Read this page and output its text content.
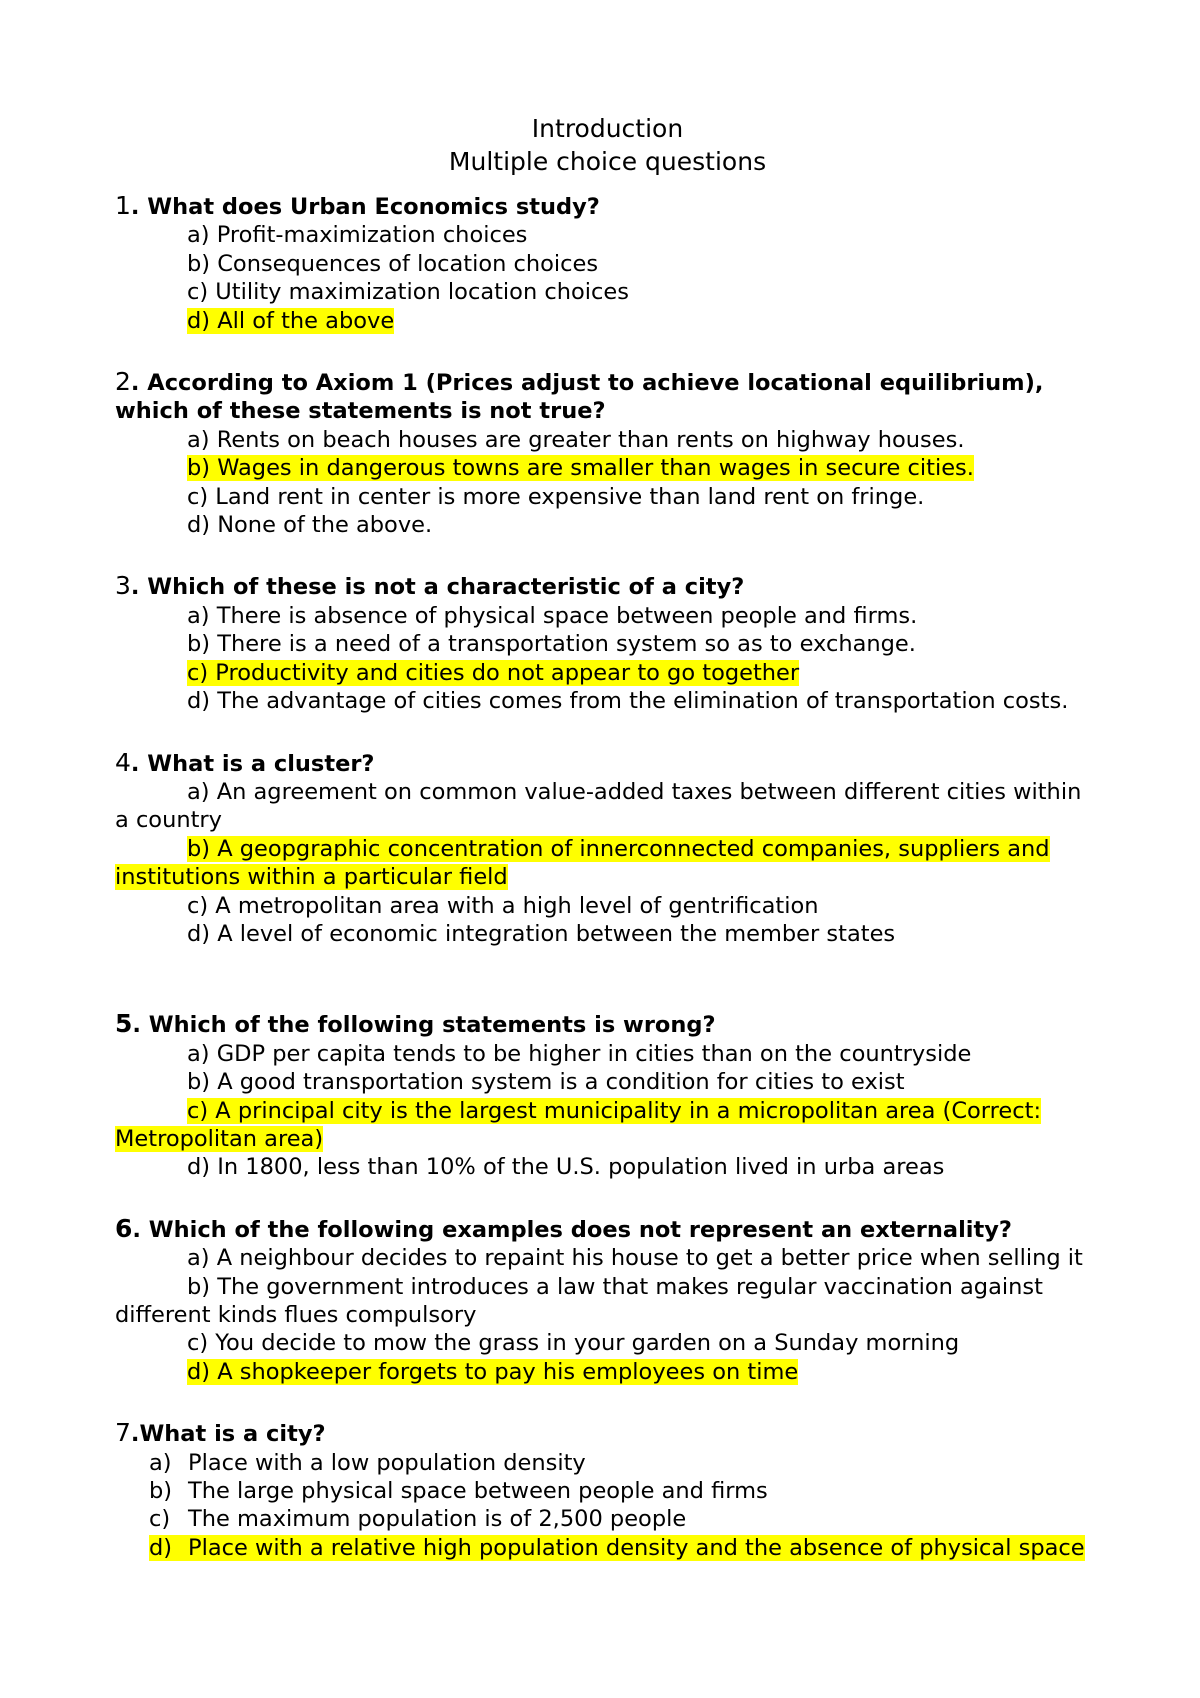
Introduction

Multiple choice questions

1. What does Urban Economics study?

a) Profit-maximization choices

b) Consequences of location choices

c) Utility maximization location choices

d) All of the above

2. According to Axiom 1 (Prices adjust to achieve locational equilibrium), which of these statements is not true?

a) Rents on beach houses are greater than rents on highway houses.

b) Wages in dangerous towns are smaller than wages in secure cities.

c) Land rent in center is more expensive than land rent on fringe.

d) None of the above.

3. Which of these is not a characteristic of a city?

a) There is absence of physical space between people and firms.

b) There is a need of a transportation system so as to exchange.

c) Productivity and cities do not appear to go together

d) The advantage of cities comes from the elimination of transportation costs.

4. What is a cluster?

a) An agreement on common value-added taxes between different cities within a country

b) A geopgraphic concentration of innerconnected companies, suppliers and institutions within a particular field

c) A metropolitan area with a high level of gentrification

d) A level of economic integration between the member states

5. Which of the following statements is wrong?

a) GDP per capita tends to be higher in cities than on the countryside

b) A good transportation system is a condition for cities to exist

c) A principal city is the largest municipality in a micropolitan area (Correct: Metropolitan area)

d) In 1800, less than 10% of the U.S. population lived in urba areas

6. Which of the following examples does not represent an externality?

a) A neighbour decides to repaint his house to get a better price when selling it

b) The government introduces a law that makes regular vaccination against different kinds flues compulsory

c) You decide to mow the grass in your garden on a Sunday morning

d) A shopkeeper forgets to pay his employees on time

7.What is a city?

a) Place with a low population density

b) The large physical space between people and firms

c) The maximum population is of 2,500 people

d) Place with a relative high population density and the absence of physical space
